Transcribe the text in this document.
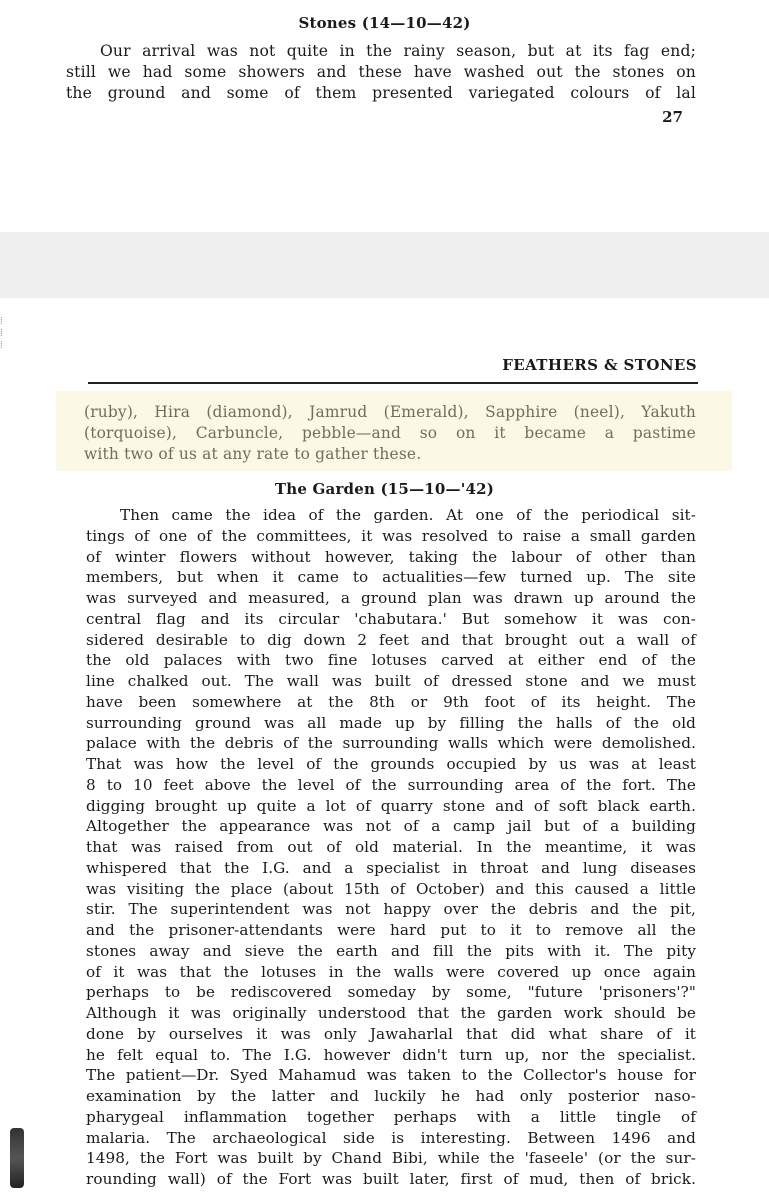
Stones (14—10—42)
Our arrival was not quite in the rainy season, but at its fag end;
still we had some showers and these have washed out the stones on
the ground and some of them presented variegated colours of lal
27
⁞
⁞
⁞
FEATHERS & STONES
(ruby), Hira (diamond), Jamrud (Emerald), Sapphire (neel), Yakuth
(torquoise), Carbuncle, pebble—and so on it became a pastime
with two of us at any rate to gather these.
The Garden (15—10—'42)
Then came the idea of the garden. At one of the periodical sit-
tings of one of the committees, it was resolved to raise a small garden
of winter flowers without however, taking the labour of other than
members, but when it came to actualities—few turned up. The site
was surveyed and measured, a ground plan was drawn up around the
central flag and its circular 'chabutara.' But somehow it was con-
sidered desirable to dig down 2 feet and that brought out a wall of
the old palaces with two fine lotuses carved at either end of the
line chalked out. The wall was built of dressed stone and we must
have been somewhere at the 8th or 9th foot of its height. The
surrounding ground was all made up by filling the halls of the old
palace with the debris of the surrounding walls which were demolished.
That was how the level of the grounds occupied by us was at least
8 to 10 feet above the level of the surrounding area of the fort. The
digging brought up quite a lot of quarry stone and of soft black earth.
Altogether the appearance was not of a camp jail but of a building
that was raised from out of old material. In the meantime, it was
whispered that the I.G. and a specialist in throat and lung diseases
was visiting the place (about 15th of October) and this caused a little
stir. The superintendent was not happy over the debris and the pit,
and the prisoner-attendants were hard put to it to remove all the
stones away and sieve the earth and fill the pits with it. The pity
of it was that the lotuses in the walls were covered up once again
perhaps to be rediscovered someday by some, "future 'prisoners'?"
Although it was originally understood that the garden work should be
done by ourselves it was only Jawaharlal that did what share of it
he felt equal to. The I.G. however didn't turn up, nor the specialist.
The patient—Dr. Syed Mahamud was taken to the Collector's house for
examination by the latter and luckily he had only posterior naso-
pharygeal inflammation together perhaps with a little tingle of
malaria. The archaeological side is interesting. Between 1496 and
1498, the Fort was built by Chand Bibi, while the 'faseele' (or the sur-
rounding wall) of the Fort was built later, first of mud, then of brick.
